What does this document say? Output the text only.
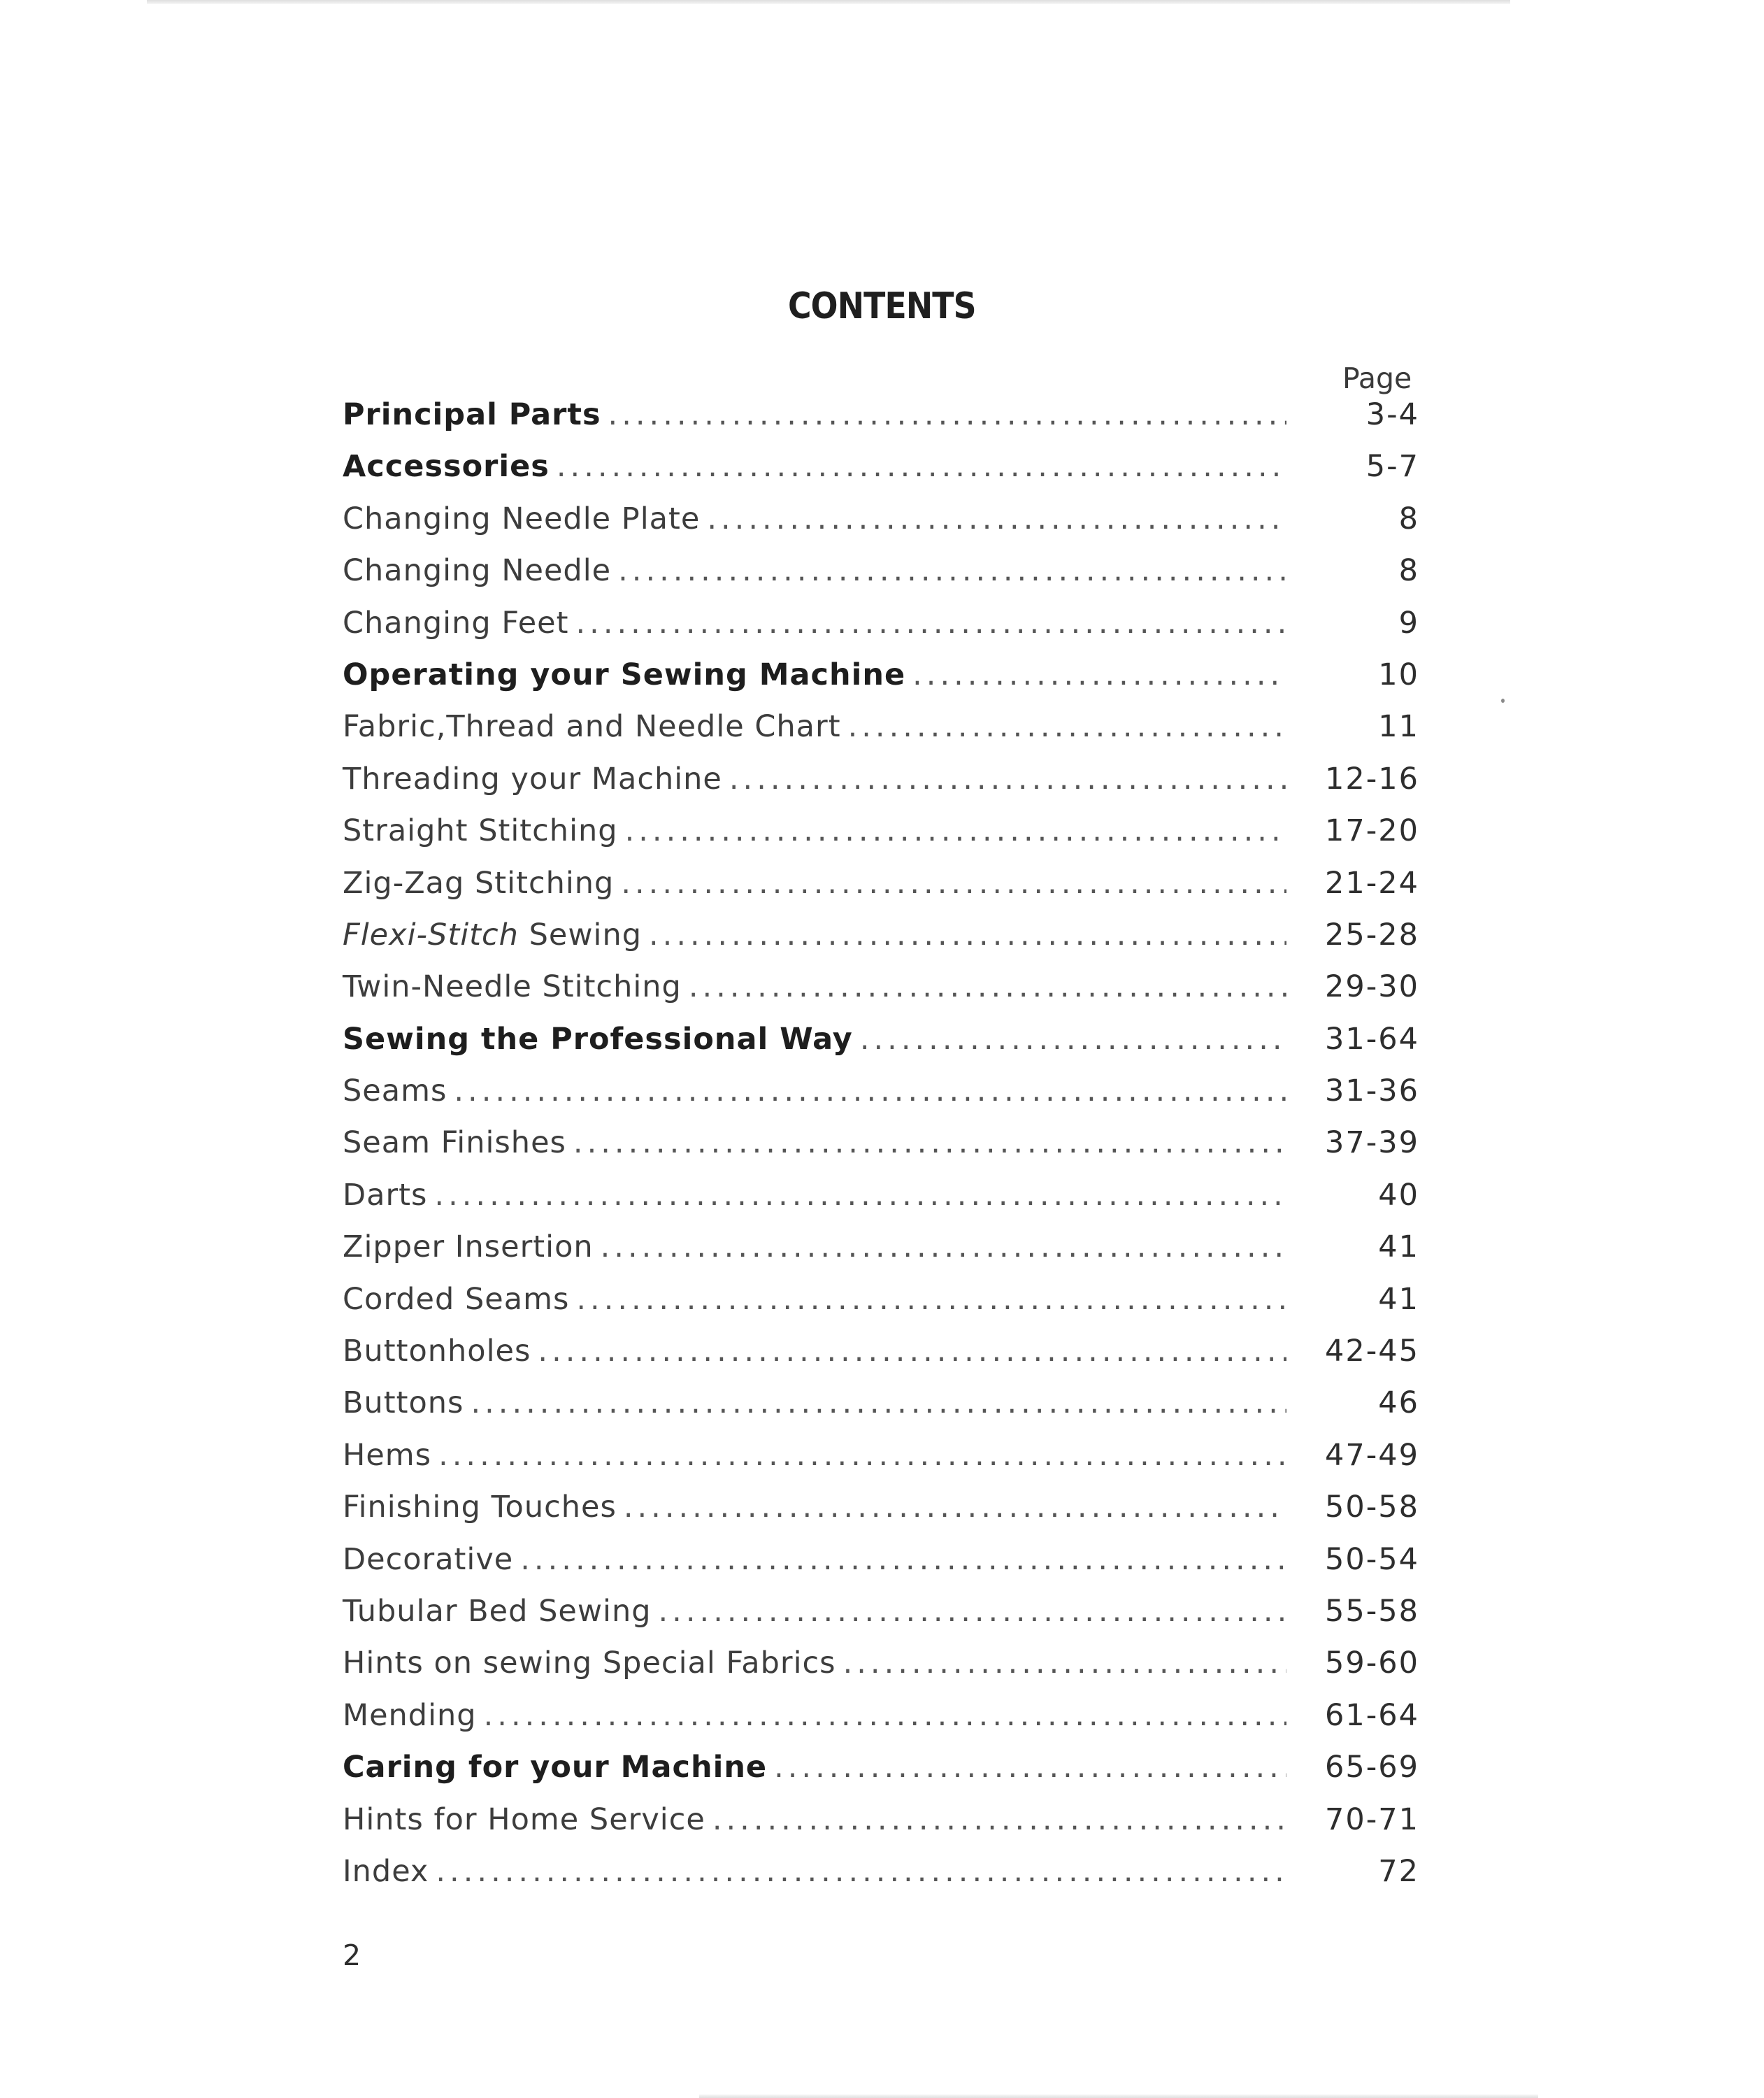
CONTENTS
Page
Principal Parts .....	3-4
Accessories .....	5-7
Changing Needle Plate .....	8
Changing Needle .....	8
Changing Feet .....	9
Operating your Sewing Machine .....	10
Fabric,Thread and Needle Chart .....	11
Threading your Machine .....	12-16
Straight Stitching .....	17-20
Zig-Zag Stitching .....	21-24
Flexi-Stitch Sewing .....	25-28
Twin-Needle Stitching .....	29-30
Sewing the Professional Way .....	31-64
Seams .....	31-36
Seam Finishes .....	37-39
Darts .....	40
Zipper Insertion .....	41
Corded Seams .....	41
Buttonholes .....	42-45
Buttons .....	46
Hems .....	47-49
Finishing Touches .....	50-58
Decorative .....	50-54
Tubular Bed Sewing .....	55-58
Hints on sewing Special Fabrics .....	59-60
Mending .....	61-64
Caring for your Machine .....	65-69
Hints for Home Service .....	70-71
Index .....	72
2
